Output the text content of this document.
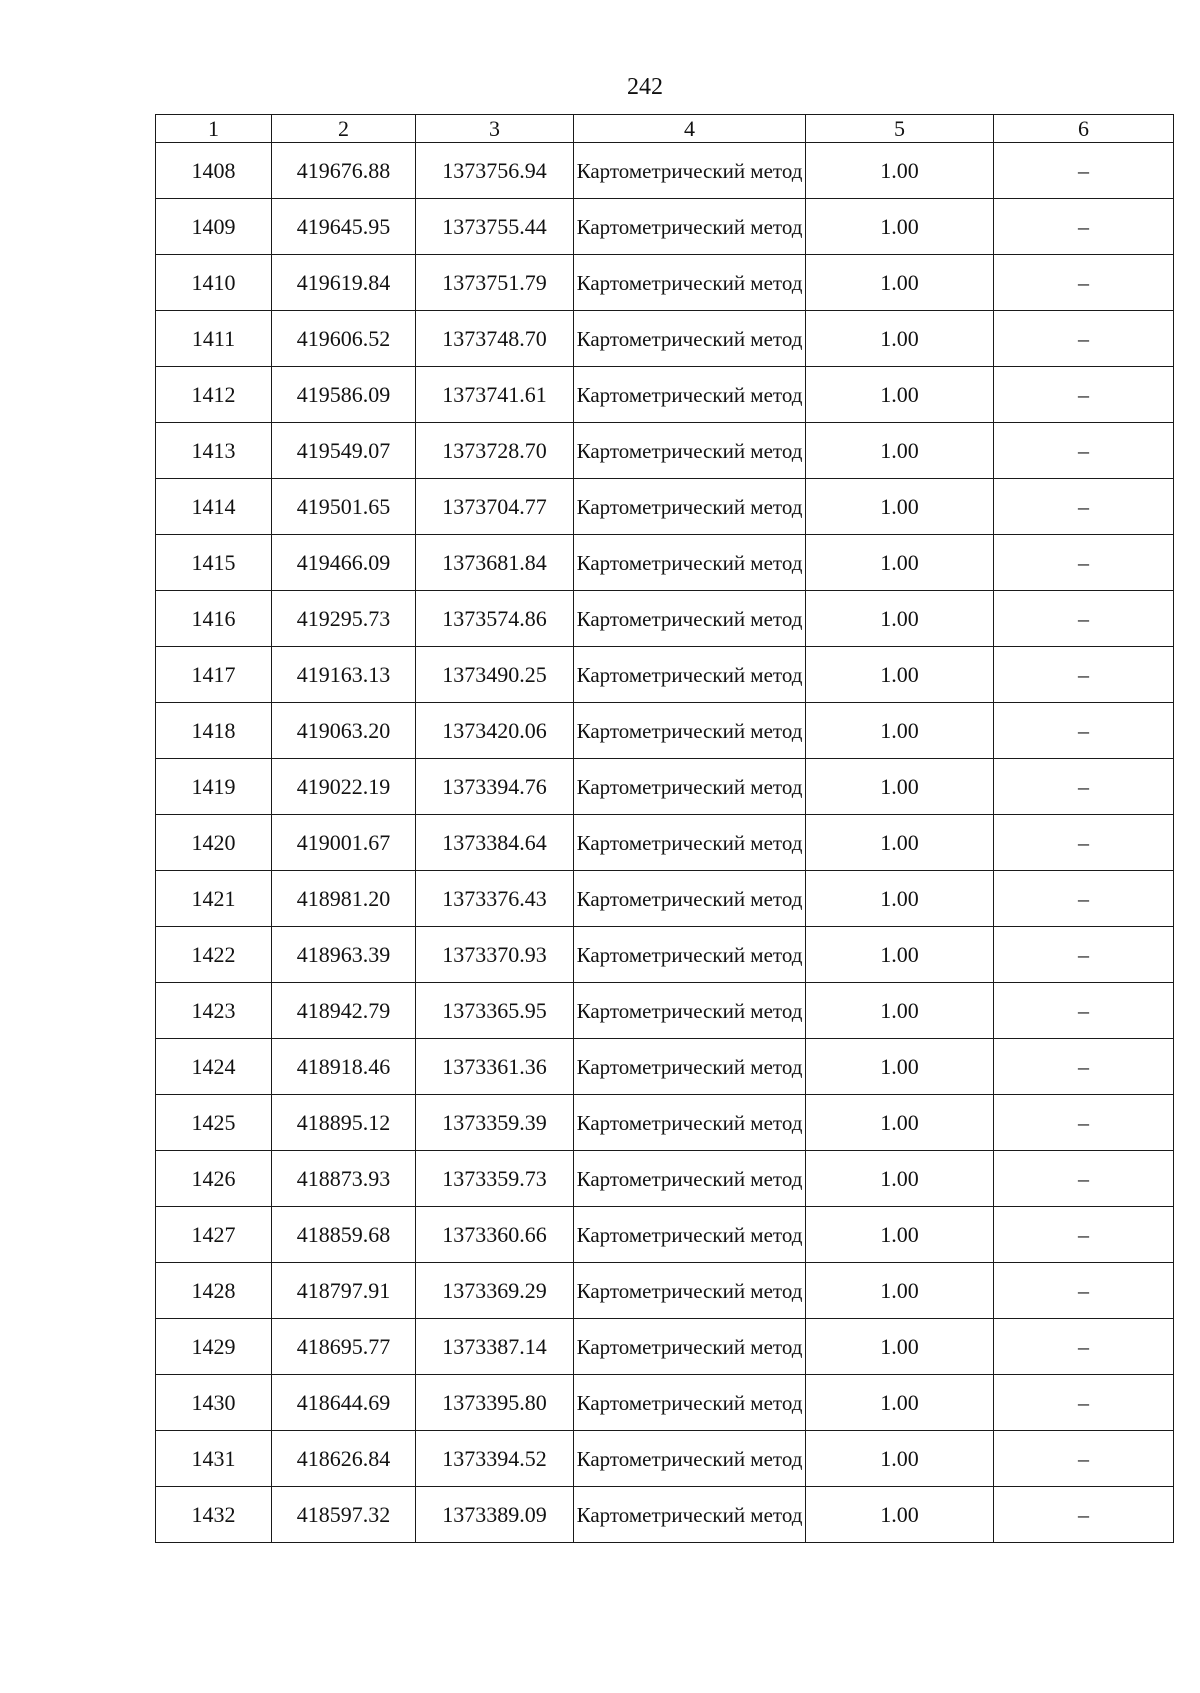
242
1	2	3	4	5	6
1408	419676.88	1373756.94	Картометрический метод	1.00	–
1409	419645.95	1373755.44	Картометрический метод	1.00	–
1410	419619.84	1373751.79	Картометрический метод	1.00	–
1411	419606.52	1373748.70	Картометрический метод	1.00	–
1412	419586.09	1373741.61	Картометрический метод	1.00	–
1413	419549.07	1373728.70	Картометрический метод	1.00	–
1414	419501.65	1373704.77	Картометрический метод	1.00	–
1415	419466.09	1373681.84	Картометрический метод	1.00	–
1416	419295.73	1373574.86	Картометрический метод	1.00	–
1417	419163.13	1373490.25	Картометрический метод	1.00	–
1418	419063.20	1373420.06	Картометрический метод	1.00	–
1419	419022.19	1373394.76	Картометрический метод	1.00	–
1420	419001.67	1373384.64	Картометрический метод	1.00	–
1421	418981.20	1373376.43	Картометрический метод	1.00	–
1422	418963.39	1373370.93	Картометрический метод	1.00	–
1423	418942.79	1373365.95	Картометрический метод	1.00	–
1424	418918.46	1373361.36	Картометрический метод	1.00	–
1425	418895.12	1373359.39	Картометрический метод	1.00	–
1426	418873.93	1373359.73	Картометрический метод	1.00	–
1427	418859.68	1373360.66	Картометрический метод	1.00	–
1428	418797.91	1373369.29	Картометрический метод	1.00	–
1429	418695.77	1373387.14	Картометрический метод	1.00	–
1430	418644.69	1373395.80	Картометрический метод	1.00	–
1431	418626.84	1373394.52	Картометрический метод	1.00	–
1432	418597.32	1373389.09	Картометрический метод	1.00	–
